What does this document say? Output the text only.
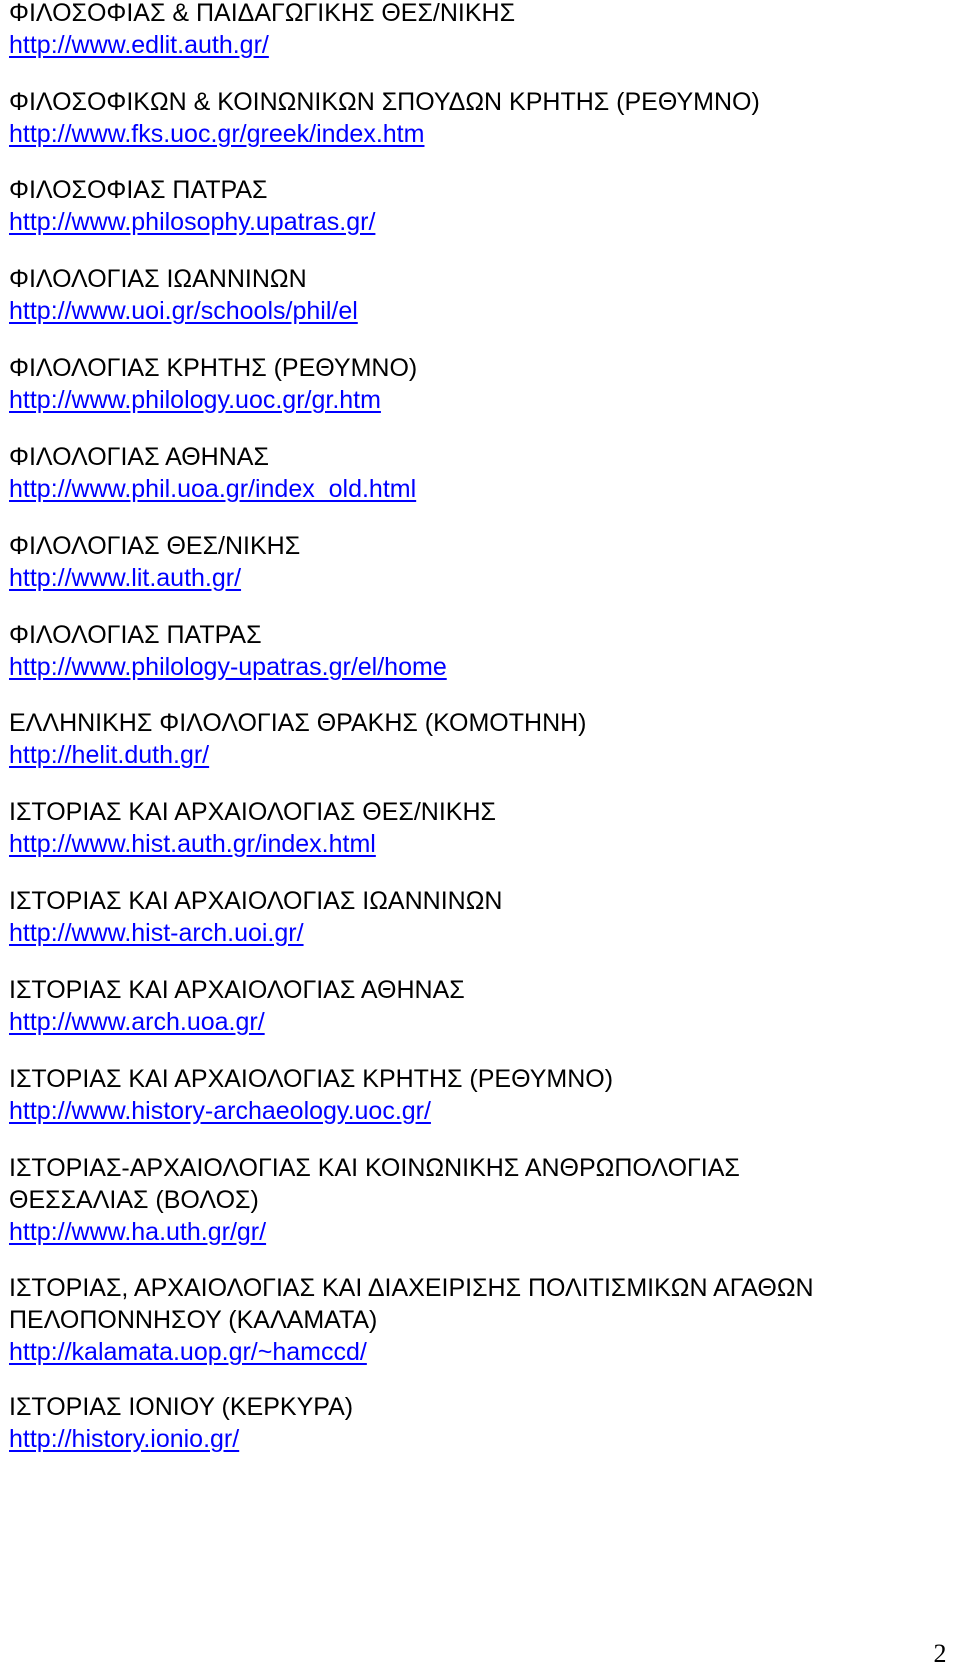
ΦΙΛΟΣΟΦΙΑΣ & ΠΑΙΔΑΓΩΓΙΚΗΣ ΘΕΣ/ΝΙΚΗΣ
http://www.edlit.auth.gr/
ΦΙΛΟΣΟΦΙΚΩΝ & ΚΟΙΝΩΝΙΚΩΝ ΣΠΟΥΔΩΝ ΚΡΗΤΗΣ (ΡΕΘΥΜΝΟ)
http://www.fks.uoc.gr/greek/index.htm
ΦΙΛΟΣΟΦΙΑΣ ΠΑΤΡΑΣ
http://www.philosophy.upatras.gr/
ΦΙΛΟΛΟΓΙΑΣ ΙΩΑΝΝΙΝΩΝ
http://www.uoi.gr/schools/phil/el
ΦΙΛΟΛΟΓΙΑΣ ΚΡΗΤΗΣ (ΡΕΘΥΜΝΟ)
http://www.philology.uoc.gr/gr.htm
ΦΙΛΟΛΟΓΙΑΣ ΑΘΗΝΑΣ
http://www.phil.uoa.gr/index_old.html
ΦΙΛΟΛΟΓΙΑΣ ΘΕΣ/ΝΙΚΗΣ
http://www.lit.auth.gr/
ΦΙΛΟΛΟΓΙΑΣ ΠΑΤΡΑΣ
http://www.philology-upatras.gr/el/home
ΕΛΛΗΝΙΚΗΣ ΦΙΛΟΛΟΓΙΑΣ ΘΡΑΚΗΣ (ΚΟΜΟΤΗΝΗ)
http://helit.duth.gr/
ΙΣΤΟΡΙΑΣ ΚΑΙ ΑΡΧΑΙΟΛΟΓΙΑΣ ΘΕΣ/ΝΙΚΗΣ
http://www.hist.auth.gr/index.html
ΙΣΤΟΡΙΑΣ ΚΑΙ ΑΡΧΑΙΟΛΟΓΙΑΣ ΙΩΑΝΝΙΝΩΝ
http://www.hist-arch.uoi.gr/
ΙΣΤΟΡΙΑΣ ΚΑΙ ΑΡΧΑΙΟΛΟΓΙΑΣ ΑΘΗΝΑΣ
http://www.arch.uoa.gr/
ΙΣΤΟΡΙΑΣ ΚΑΙ ΑΡΧΑΙΟΛΟΓΙΑΣ ΚΡΗΤΗΣ (ΡΕΘΥΜΝΟ)
http://www.history-archaeology.uoc.gr/
ΙΣΤΟΡΙΑΣ-ΑΡΧΑΙΟΛΟΓΙΑΣ ΚΑΙ ΚΟΙΝΩΝΙΚΗΣ ΑΝΘΡΩΠΟΛΟΓΙΑΣ ΘΕΣΣΑΛΙΑΣ (ΒΟΛΟΣ)
http://www.ha.uth.gr/gr/
ΙΣΤΟΡΙΑΣ, ΑΡΧΑΙΟΛΟΓΙΑΣ ΚΑΙ ΔΙΑΧΕΙΡΙΣΗΣ ΠΟΛΙΤΙΣΜΙΚΩΝ ΑΓΑΘΩΝ ΠΕΛΟΠΟΝΝΗΣΟΥ (ΚΑΛΑΜΑΤΑ)
http://kalamata.uop.gr/~hamccd/
ΙΣΤΟΡΙΑΣ ΙΟΝΙΟΥ (ΚΕΡΚΥΡΑ)
http://history.ionio.gr/
2
